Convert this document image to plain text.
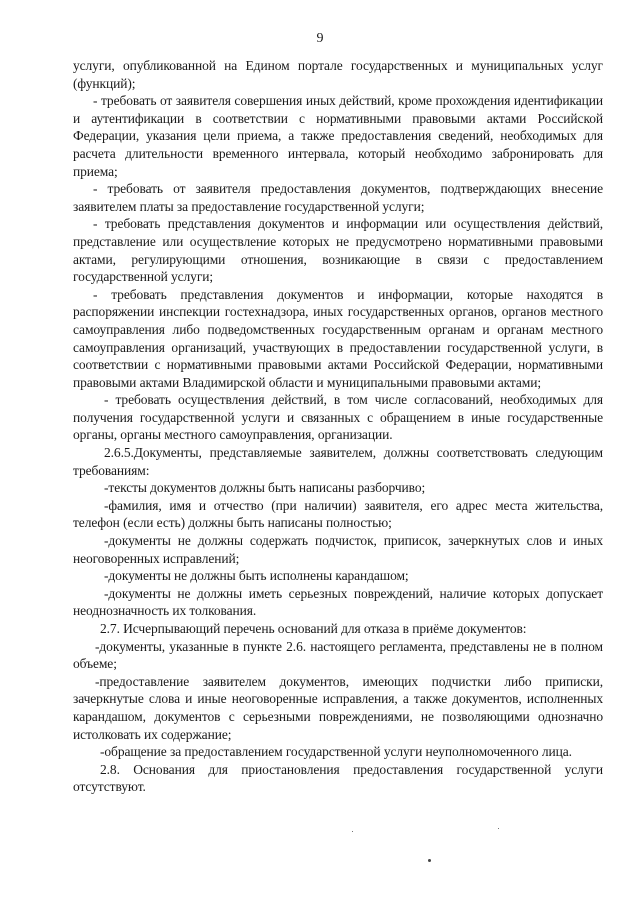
9

услуги, опубликованной на Едином портале государственных и муниципальных услуг (функций);

- требовать от заявителя совершения иных действий, кроме прохождения идентификации и аутентификации в соответствии с нормативными правовыми актами Российской Федерации, указания цели приема, а также предоставления сведений, необходимых для расчета длительности временного интервала, который необходимо забронировать для приема;

- требовать от заявителя предоставления документов, подтверждающих внесение заявителем платы за предоставление государственной услуги;

- требовать представления документов и информации или осуществления действий, представление или осуществление которых не предусмотрено нормативными правовыми актами, регулирующими отношения, возникающие в связи с предоставлением государственной услуги;

- требовать представления документов и информации, которые находятся в распоряжении инспекции гостехнадзора, иных государственных органов, органов местного самоуправления либо подведомственных государственным органам и органам местного самоуправления организаций, участвующих в предоставлении государственной услуги, в соответствии с нормативными правовыми актами Российской Федерации, нормативными правовыми актами Владимирской области и муниципальными правовыми актами;

- требовать осуществления действий, в том числе согласований, необходимых для получения государственной услуги и связанных с обращением в иные государственные органы, органы местного самоуправления, организации.

2.6.5.Документы, представляемые заявителем, должны соответствовать следующим требованиям:

-тексты документов должны быть написаны разборчиво;

-фамилия, имя и отчество (при наличии) заявителя, его адрес места жительства, телефон (если есть) должны быть написаны полностью;

-документы не должны содержать подчисток, приписок, зачеркнутых слов и иных неоговоренных исправлений;

-документы не должны быть исполнены карандашом;

-документы не должны иметь серьезных повреждений, наличие которых допускает неоднозначность их толкования.

2.7. Исчерпывающий перечень оснований для отказа в приёме документов:

-документы, указанные в пункте 2.6. настоящего регламента, представлены не в полном объеме;

-предоставление заявителем документов, имеющих подчистки либо приписки, зачеркнутые слова и иные неоговоренные исправления, а также документов, исполненных карандашом, документов с серьезными повреждениями, не позволяющими однозначно истолковать их содержание;

-обращение за предоставлением государственной услуги неуполномоченного лица.

2.8. Основания для приостановления предоставления государственной услуги отсутствуют.
